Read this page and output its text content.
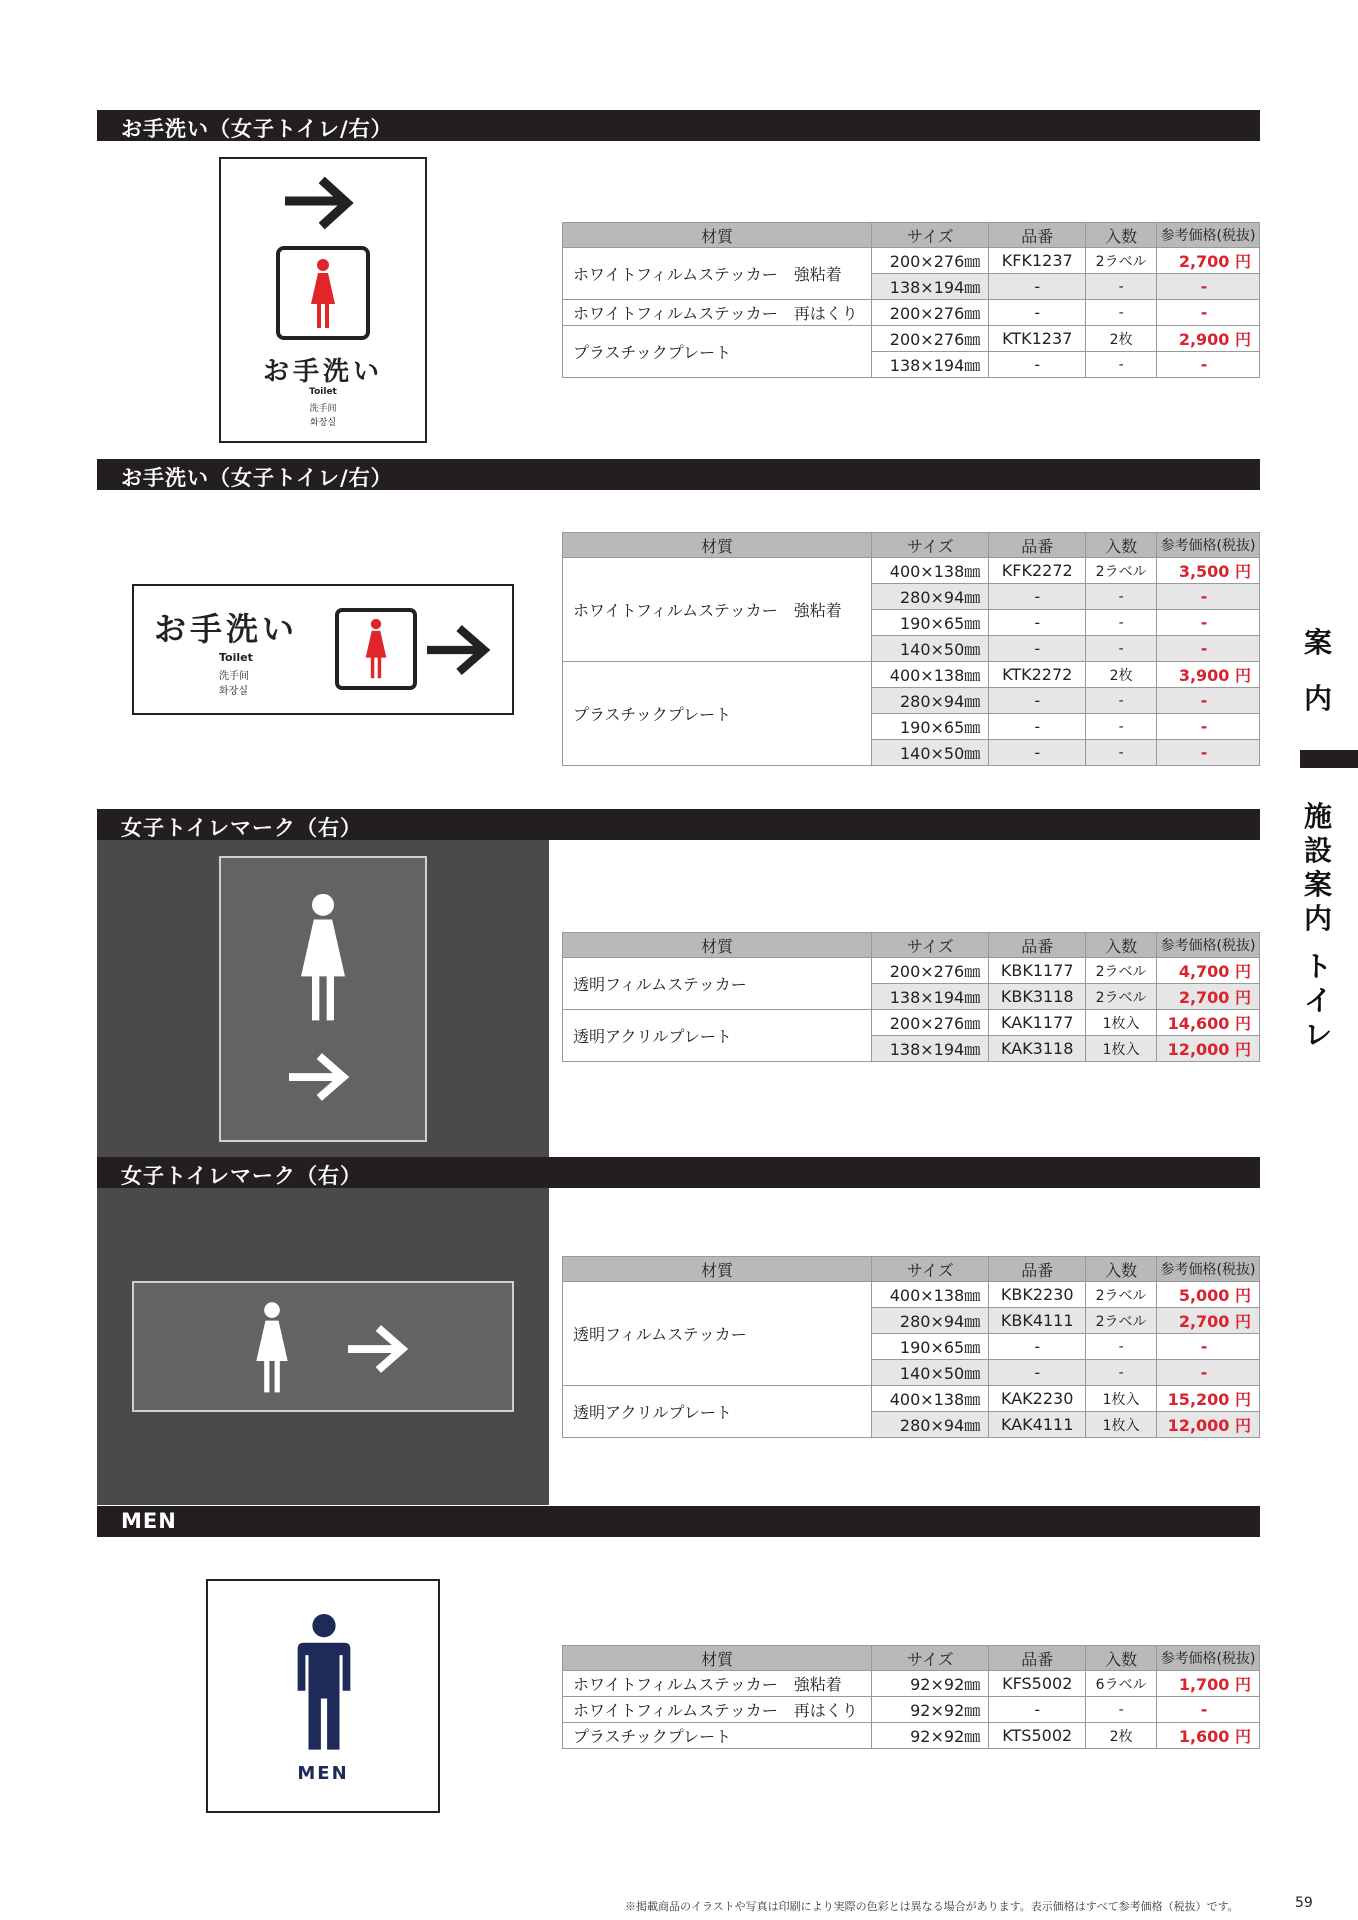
お手洗い（女子トイレ/右）
お手洗い（女子トイレ/右）
女子トイレマーク（右）
女子トイレマーク（右）
MEN
お手洗い
Toilet
洗手间
화장실
お手洗い
Toilet
洗手间
화장실
MEN
材質	サイズ	品番	入数	参考価格(税抜)
ホワイトフィルムステッカー　強粘着	200×276㎜	KFK1237	2ラベル	2,700 円
	138×194㎜	-	-	-
ホワイトフィルムステッカー　再はくり	200×276㎜	-	-	-
プラスチックプレート	200×276㎜	KTK1237	2枚	2,900 円
	138×194㎜	-	-	-
材質	サイズ	品番	入数	参考価格(税抜)
ホワイトフィルムステッカー　強粘着	400×138㎜	KFK2272	2ラベル	3,500 円
	280×94㎜	-	-	-
	190×65㎜	-	-	-
	140×50㎜	-	-	-
プラスチックプレート	400×138㎜	KTK2272	2枚	3,900 円
	280×94㎜	-	-	-
	190×65㎜	-	-	-
	140×50㎜	-	-	-
材質	サイズ	品番	入数	参考価格(税抜)
透明フィルムステッカー	200×276㎜	KBK1177	2ラベル	4,700 円
	138×194㎜	KBK3118	2ラベル	2,700 円
透明アクリルプレート	200×276㎜	KAK1177	1枚入	14,600 円
	138×194㎜	KAK3118	1枚入	12,000 円
材質	サイズ	品番	入数	参考価格(税抜)
透明フィルムステッカー	400×138㎜	KBK2230	2ラベル	5,000 円
	280×94㎜	KBK4111	2ラベル	2,700 円
	190×65㎜	-	-	-
	140×50㎜	-	-	-
透明アクリルプレート	400×138㎜	KAK2230	1枚入	15,200 円
	280×94㎜	KAK4111	1枚入	12,000 円
材質	サイズ	品番	入数	参考価格(税抜)
ホワイトフィルムステッカー　強粘着	92×92㎜	KFS5002	6ラベル	1,700 円
ホワイトフィルムステッカー　再はくり	92×92㎜	-	-	-
プラスチックプレート	92×92㎜	KTS5002	2枚	1,600 円
案
内
施
設
案
内
ト
イ
レ
※掲載商品のイラストや写真は印刷により実際の色彩とは異なる場合があります。表示価格はすべて参考価格（税抜）です。	59
